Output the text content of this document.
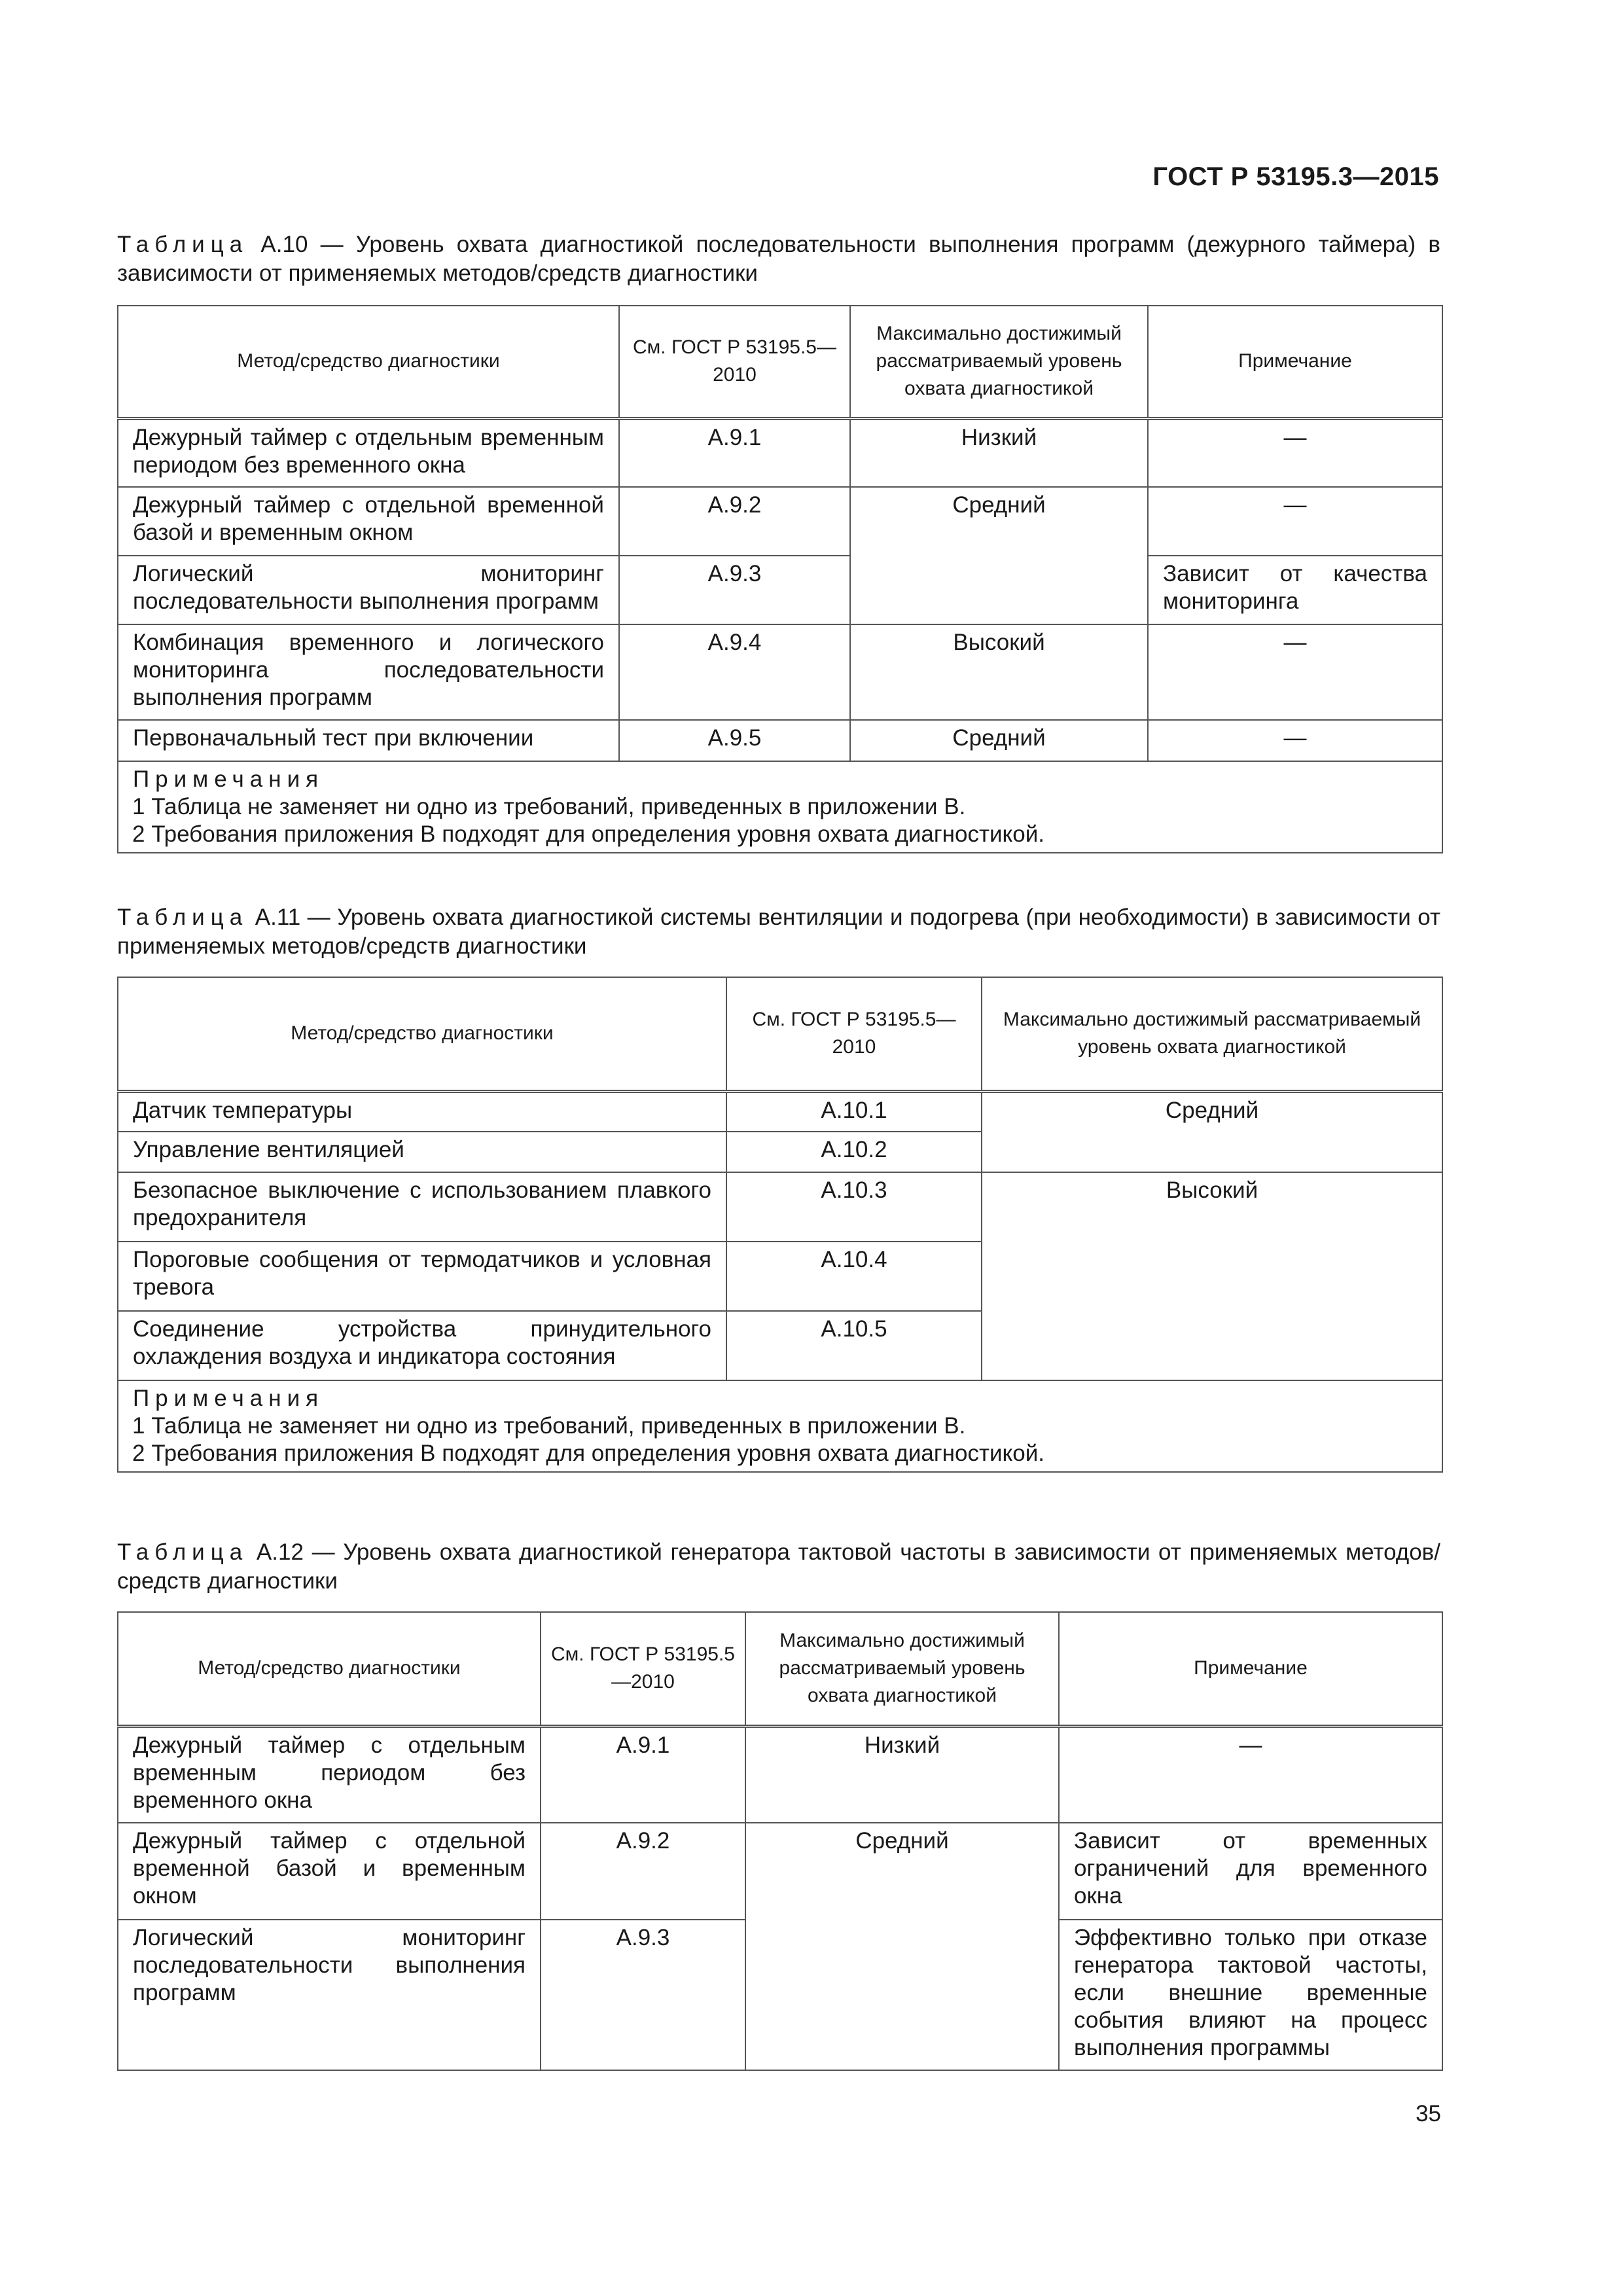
ГОСТ Р 53195.3—2015
Таблица А.10 — Уровень охвата диагностикой последовательности выполнения программ (дежурного таймера) в зависимости от применяемых методов/средств диагностики
Метод/средство диагностики	См. ГОСТ Р 53195.5—2010	Максимально достижимый рассматриваемый уровень охвата диагностикой	Примечание
Дежурный таймер с отдельным временным периодом без временного окна	А.9.1	Низкий	—
Дежурный таймер с отдельной временной базой и временным окном	А.9.2	Средний	—
Логический мониторинг последовательности выполнения программ	А.9.3		Зависит от качества мониторинга
Комбинация временного и логического мониторинга последовательности выполнения программ	А.9.4	Высокий	—
Первоначальный тест при включении	А.9.5	Средний	—

Примечания
1 Таблица не заменяет ни одно из требований, приведенных в приложении В.
2 Требования приложения В подходят для определения уровня охвата диагностикой.			
Таблица А.11 — Уровень охвата диагностикой системы вентиляции и подогрева (при необходимости) в зависимости от применяемых методов/средств диагностики
Метод/средство диагностики	См. ГОСТ Р 53195.5—2010	Максимально достижимый рассматриваемый уровень охвата диагностикой
Датчик температуры	А.10.1	Средний
Управление вентиляцией	А.10.2	
Безопасное выключение с использованием плавкого предохранителя	А.10.3	Высокий
Пороговые сообщения от термодатчиков и условная тревога	А.10.4	
Соединение устройства принудительного охлаждения воздуха и индикатора состояния	А.10.5	

Примечания
1 Таблица не заменяет ни одно из требований, приведенных в приложении В.
2 Требования приложения В подходят для определения уровня охвата диагностикой.		
Таблица А.12 — Уровень охвата диагностикой генератора тактовой частоты в зависимости от применяемых методов/средств диагностики
Метод/средство диагностики	См. ГОСТ Р 53195.5—2010	Максимально достижимый рассматриваемый уровень охвата диагностикой	Примечание
Дежурный таймер с отдельным временным периодом без временного окна	А.9.1	Низкий	—
Дежурный таймер с отдельной временной базой и временным окном	А.9.2	Средний	Зависит от временных ограничений для временного окна
Логический мониторинг последовательности выполнения программ	А.9.3		Эффективно только при отказе генератора тактовой частоты, если внешние временные события влияют на процесс выполнения программы
35
